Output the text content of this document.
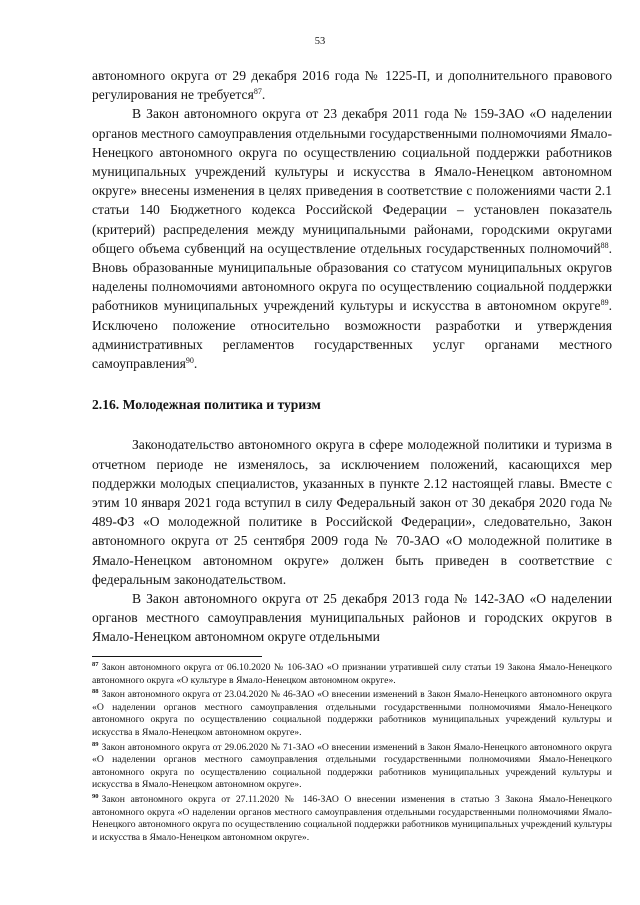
53

автономного округа от 29 декабря 2016 года № 1225-П, и дополнительного правового регулирования не требуется$^{87}$.

В Закон автономного округа от 23 декабря 2011 года № 159-ЗАО «О наделении органов местного самоуправления отдельными государственными полномочиями Ямало-Ненецкого автономного округа по осуществлению социальной поддержки работников муниципальных учреждений культуры и искусства в Ямало-Ненецком автономном округе» внесены изменения в целях приведения в соответствие с положениями части 2.1 статьи 140 Бюджетного кодекса Российской Федерации – установлен показатель (критерий) распределения между муниципальными районами, городскими округами общего объема субвенций на осуществление отдельных государственных полномочий$^{88}$. Вновь образованные муниципальные образования со статусом муниципальных округов наделены полномочиями автономного округа по осуществлению социальной поддержки работников муниципальных учреждений культуры и искусства в автономном округе$^{89}$. Исключено положение относительно возможности разработки и утверждения административных регламентов государственных услуг органами местного самоуправления$^{90}$.

2.16. Молодежная политика и туризм

Законодательство автономного округа в сфере молодежной политики и туризма в отчетном периоде не изменялось, за исключением положений, касающихся мер поддержки молодых специалистов, указанных в пункте 2.12 настоящей главы. Вместе с этим 10 января 2021 года вступил в силу Федеральный закон от 30 декабря 2020 года № 489-ФЗ «О молодежной политике в Российской Федерации», следовательно, Закон автономного округа от 25 сентября 2009 года № 70-ЗАО «О молодежной политике в Ямало-Ненецком автономном округе» должен быть приведен в соответствие с федеральным законодательством.

В Закон автономного округа от 25 декабря 2013 года № 142-ЗАО «О наделении органов местного самоуправления муниципальных районов и городских округов в Ямало-Ненецком автономном округе отдельными

$^{87}$ Закон автономного округа от 06.10.2020 № 106-ЗАО «О признании утратившей силу статьи 19 Закона Ямало-Ненецкого автономного округа «О культуре в Ямало-Ненецком автономном округе».

$^{88}$ Закон автономного округа от 23.04.2020 № 46-ЗАО «О внесении изменений в Закон Ямало-Ненецкого автономного округа «О наделении органов местного самоуправления отдельными государственными полномочиями Ямало-Ненецкого автономного округа по осуществлению социальной поддержки работников муниципальных учреждений культуры и искусства в Ямало-Ненецком автономном округе».

$^{89}$ Закон автономного округа от 29.06.2020 № 71-ЗАО «О внесении изменений в Закон Ямало-Ненецкого автономного округа «О наделении органов местного самоуправления отдельными государственными полномочиями Ямало-Ненецкого автономного округа по осуществлению социальной поддержки работников муниципальных учреждений культуры и искусства в Ямало-Ненецком автономном округе».

$^{90}$ Закон автономного округа от 27.11.2020 № 146-ЗАО О внесении изменения в статью 3 Закона Ямало-Ненецкого автономного округа «О наделении органов местного самоуправления отдельными государственными полномочиями Ямало-Ненецкого автономного округа по осуществлению социальной поддержки работников муниципальных учреждений культуры и искусства в Ямало-Ненецком автономном округе».
